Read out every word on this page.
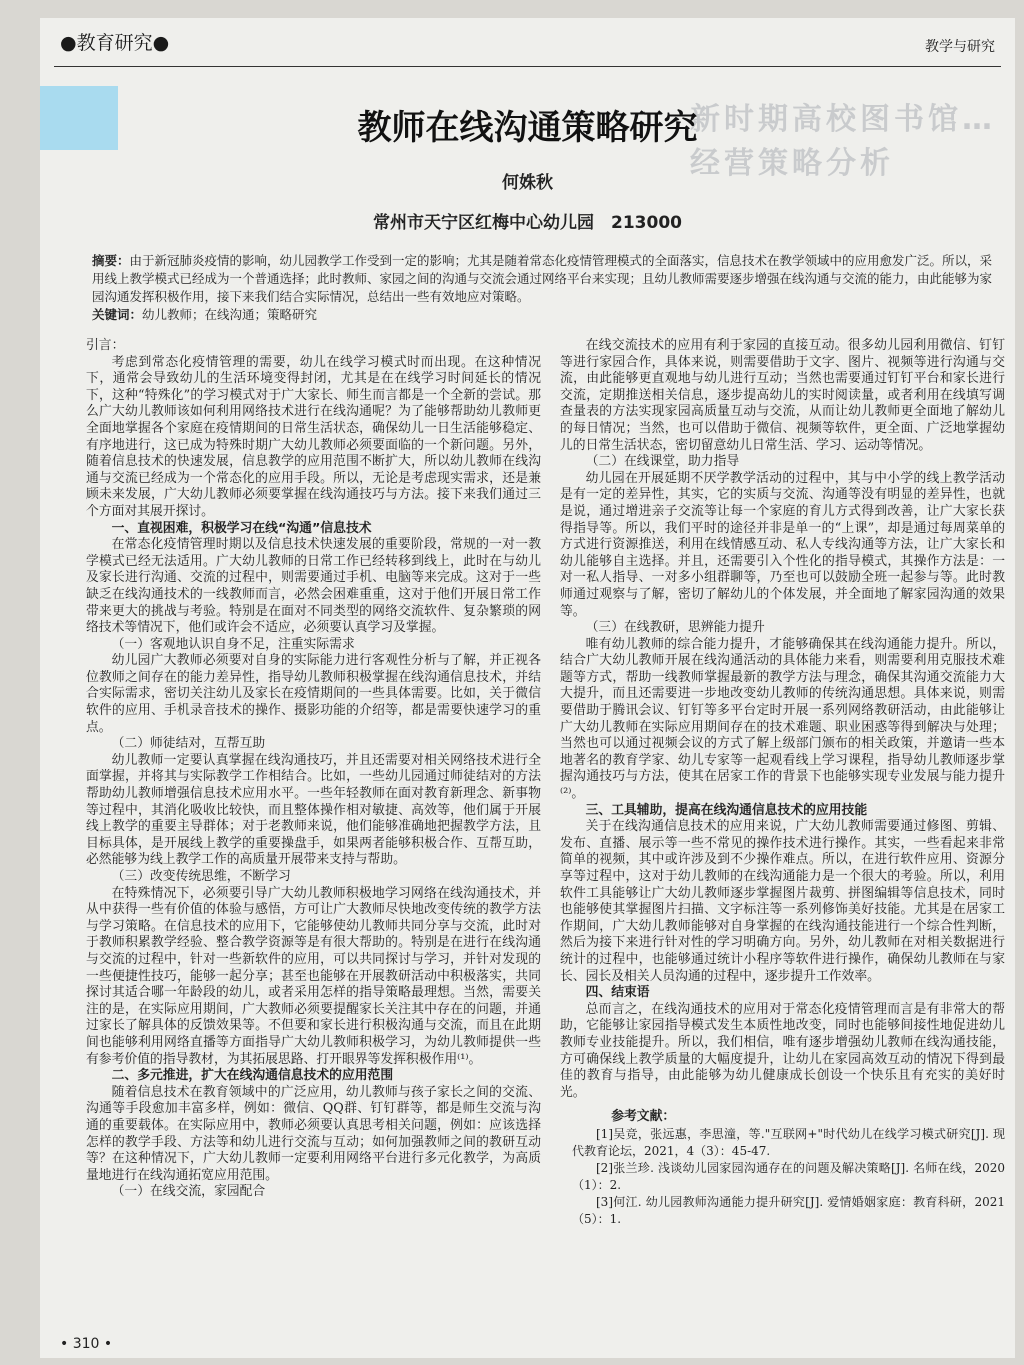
●教育研究●	教学与研究
新时期高校图书馆…经营策略分析
教师在线沟通策略研究
何姝秋
常州市天宁区红梅中心幼儿园　213000
摘要：由于新冠肺炎疫情的影响，幼儿园教学工作受到一定的影响；尤其是随着常态化疫情管理模式的全面落实，信息技术在教学领域中的应用愈发广泛。所以，采用线上教学模式已经成为一个普通选择；此时教师、家园之间的沟通与交流会通过网络平台来实现；且幼儿教师需要逐步增强在线沟通与交流的能力，由此能够为家园沟通发挥积极作用，接下来我们结合实际情况，总结出一些有效地应对策略。
关键词：幼儿教师；在线沟通；策略研究

引言：

考虑到常态化疫情管理的需要，幼儿在线学习模式时而出现。在这种情况下，通常会导致幼儿的生活环境变得封闭，尤其是在在线学习时间延长的情况下，这种“特殊化”的学习模式对于广大家长、师生而言都是一个全新的尝试。那么广大幼儿教师该如何利用网络技术进行在线沟通呢？为了能够帮助幼儿教师更全面地掌握各个家庭在疫情期间的日常生活状态，确保幼儿一日生活能够稳定、有序地进行，这已成为特殊时期广大幼儿教师必须要面临的一个新问题。另外，随着信息技术的快速发展，信息教学的应用范围不断扩大，所以幼儿教师在线沟通与交流已经成为一个常态化的应用手段。所以，无论是考虑现实需求，还是兼顾未来发展，广大幼儿教师必须要掌握在线沟通技巧与方法。接下来我们通过三个方面对其展开探讨。

一、直视困难，积极学习在线“沟通”信息技术

在常态化疫情管理时期以及信息技术快速发展的重要阶段，常规的一对一教学模式已经无法适用。广大幼儿教师的日常工作已经转移到线上，此时在与幼儿及家长进行沟通、交流的过程中，则需要通过手机、电脑等来完成。这对于一些缺乏在线沟通技术的一线教师而言，必然会困难重重，这对于他们开展日常工作带来更大的挑战与考验。特别是在面对不同类型的网络交流软件、复杂繁琐的网络技术等情况下，他们或许会不适应，必须要认真学习及掌握。

（一）客观地认识自身不足，注重实际需求

幼儿园广大教师必须要对自身的实际能力进行客观性分析与了解，并正视各位教师之间存在的能力差异性，指导幼儿教师积极掌握在线沟通信息技术，并结合实际需求，密切关注幼儿及家长在疫情期间的一些具体需要。比如，关于微信软件的应用、手机录音技术的操作、摄影功能的介绍等，都是需要快速学习的重点。

（二）师徒结对，互帮互助

幼儿教师一定要认真掌握在线沟通技巧，并且还需要对相关网络技术进行全面掌握，并将其与实际教学工作相结合。比如，一些幼儿园通过师徒结对的方法帮助幼儿教师增强信息技术应用水平。一些年轻教师在面对教育新理念、新事物等过程中，其消化吸收比较快，而且整体操作相对敏捷、高效等，他们属于开展线上教学的重要主导群体；对于老教师来说，他们能够准确地把握教学方法，且目标具体，是开展线上教学的重要操盘手，如果两者能够积极合作、互帮互助，必然能够为线上教学工作的高质量开展带来支持与帮助。

（三）改变传统思维，不断学习

在特殊情况下，必须要引导广大幼儿教师积极地学习网络在线沟通技术，并从中获得一些有价值的体验与感悟，方可让广大教师尽快地改变传统的教学方法与学习策略。在信息技术的应用下，它能够使幼儿教师共同分享与交流，此时对于教师积累教学经验、整合教学资源等是有很大帮助的。特别是在进行在线沟通与交流的过程中，针对一些新软件的应用，可以共同探讨与学习，并针对发现的一些便捷性技巧，能够一起分享；甚至也能够在开展教研活动中积极落实，共同探讨其适合哪一年龄段的幼儿，或者采用怎样的指导策略最理想。当然，需要关注的是，在实际应用期间，广大教师必须要提醒家长关注其中存在的问题，并通过家长了解具体的反馈效果等。不但要和家长进行积极沟通与交流，而且在此期间也能够利用网络直播等方面指导广大幼儿教师积极学习，为幼儿教师提供一些有参考价值的指导教材，为其拓展思路、打开眼界等发挥积极作用⁽¹⁾。

二、多元推进，扩大在线沟通信息技术的应用范围

随着信息技术在教育领域中的广泛应用，幼儿教师与孩子家长之间的交流、沟通等手段愈加丰富多样，例如：微信、QQ群、钉钉群等，都是师生交流与沟通的重要载体。在实际应用中，教师必须要认真思考相关问题，例如：应该选择怎样的教学手段、方法等和幼儿进行交流与互动；如何加强教师之间的教研互动等？在这种情况下，广大幼儿教师一定要利用网络平台进行多元化教学，为高质量地进行在线沟通拓宽应用范围。

（一）在线交流，家园配合

在线交流技术的应用有利于家园的直接互动。很多幼儿园利用微信、钉钉等进行家园合作，具体来说，则需要借助于文字、图片、视频等进行沟通与交流，由此能够更直观地与幼儿进行互动；当然也需要通过钉钉平台和家长进行交流，定期推送相关信息，逐步提高幼儿的实时阅读量，或者利用在线填写调查量表的方法实现家园高质量互动与交流，从而让幼儿教师更全面地了解幼儿的每日情况；当然，也可以借助于微信、视频等软件，更全面、广泛地掌握幼儿的日常生活状态，密切留意幼儿日常生活、学习、运动等情况。

（二）在线课堂，助力指导

幼儿园在开展延期不厌学教学活动的过程中，其与中小学的线上教学活动是有一定的差异性，其实，它的实质与交流、沟通等没有明显的差异性，也就是说，通过增进亲子交流等让每一个家庭的育儿方式得到改善，让广大家长获得指导等。所以，我们平时的途径并非是单一的“上课”，却是通过每周菜单的方式进行资源推送，利用在线情感互动、私人专线沟通等方法，让广大家长和幼儿能够自主选择。并且，还需要引入个性化的指导模式，其操作方法是：一对一私人指导、一对多小组群聊等，乃至也可以鼓励全班一起参与等。此时教师通过观察与了解，密切了解幼儿的个体发展，并全面地了解家园沟通的效果等。

（三）在线教研，思辨能力提升

唯有幼儿教师的综合能力提升，才能够确保其在线沟通能力提升。所以，结合广大幼儿教师开展在线沟通活动的具体能力来看，则需要利用克服技术难题等方式，帮助一线教师掌握最新的教学方法与理念，确保其沟通交流能力大大提升，而且还需要进一步地改变幼儿教师的传统沟通思想。具体来说，则需要借助于腾讯会议、钉钉等多平台定时开展一系列网络教研活动，由此能够让广大幼儿教师在实际应用期间存在的技术难题、职业困惑等得到解决与处理；当然也可以通过视频会议的方式了解上级部门颁布的相关政策，并邀请一些本地著名的教育学家、幼儿专家等一起观看线上学习课程，指导幼儿教师逐步掌握沟通技巧与方法，使其在居家工作的背景下也能够实现专业发展与能力提升⁽²⁾。

三、工具辅助，提高在线沟通信息技术的应用技能

关于在线沟通信息技术的应用来说，广大幼儿教师需要通过修图、剪辑、发布、直播、展示等一些不常见的操作技术进行操作。其实，一些看起来非常简单的视频，其中或许涉及到不少操作难点。所以，在进行软件应用、资源分享等过程中，这对于幼儿教师的在线沟通能力是一个很大的考验。所以，利用软件工具能够让广大幼儿教师逐步掌握图片裁剪、拼图编辑等信息技术，同时也能够使其掌握图片扫描、文字标注等一系列修饰美好技能。尤其是在居家工作期间，广大幼儿教师能够对自身掌握的在线沟通技能进行一个综合性判断，然后为接下来进行针对性的学习明确方向。另外，幼儿教师在对相关数据进行统计的过程中，也能够通过统计小程序等软件进行操作，确保幼儿教师在与家长、园长及相关人员沟通的过程中，逐步提升工作效率。

四、结束语

总而言之，在线沟通技术的应用对于常态化疫情管理而言是有非常大的帮助，它能够让家园指导模式发生本质性地改变，同时也能够间接性地促进幼儿教师专业技能提升。所以，我们相信，唯有逐步增强幼儿教师在线沟通技能，方可确保线上教学质量的大幅度提升，让幼儿在家园高效互动的情况下得到最佳的教育与指导，由此能够为幼儿健康成长创设一个快乐且有充实的美好时光。

参考文献：

[1]吴竞，张远惠，李思潼，等."互联网+"时代幼儿在线学习模式研究[J]. 现代教育论坛，2021，4（3）：45-47.

[2]张兰珍. 浅谈幼儿园家园沟通存在的问题及解决策略[J]. 名师在线，2020（1）：2.

[3]何江. 幼儿园教师沟通能力提升研究[J]. 爱情婚姻家庭：教育科研，2021（5）：1.

• 310 •
